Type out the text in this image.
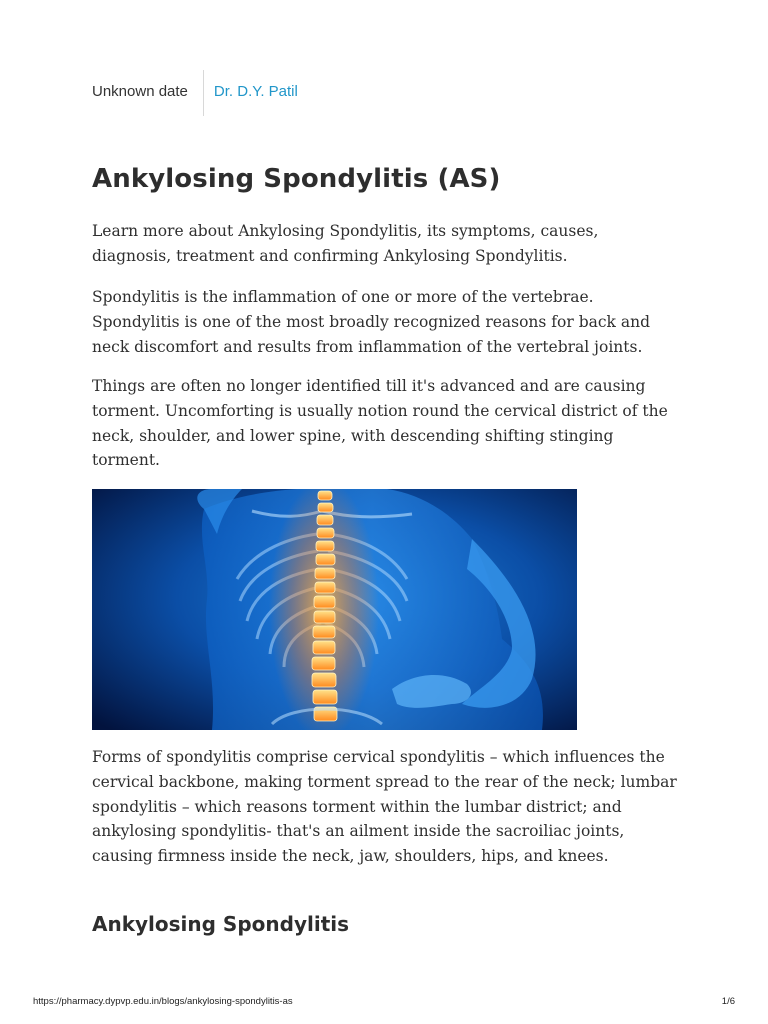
Unknown date	Dr. D.Y. Patil
Ankylosing Spondylitis (AS)

Learn more about Ankylosing Spondylitis, its symptoms, causes, diagnosis, treatment and confirming Ankylosing Spondylitis.

Spondylitis is the inflammation of one or more of the vertebrae. Spondylitis is one of the most broadly recognized reasons for back and neck discomfort and results from inflammation of the vertebral joints.

Things are often no longer identified till it's advanced and are causing torment. Uncomforting is usually notion round the cervical district of the neck, shoulder, and lower spine, with descending shifting stinging torment.

Forms of spondylitis comprise cervical spondylitis – which influences the cervical backbone, making torment spread to the rear of the neck; lumbar spondylitis – which reasons torment within the lumbar district; and ankylosing spondylitis- that's an ailment inside the sacroiliac joints, causing firmness inside the neck, jaw, shoulders, hips, and knees.

Ankylosing Spondylitis
https://pharmacy.dypvp.edu.in/blogs/ankylosing-spondylitis-as	1/6
